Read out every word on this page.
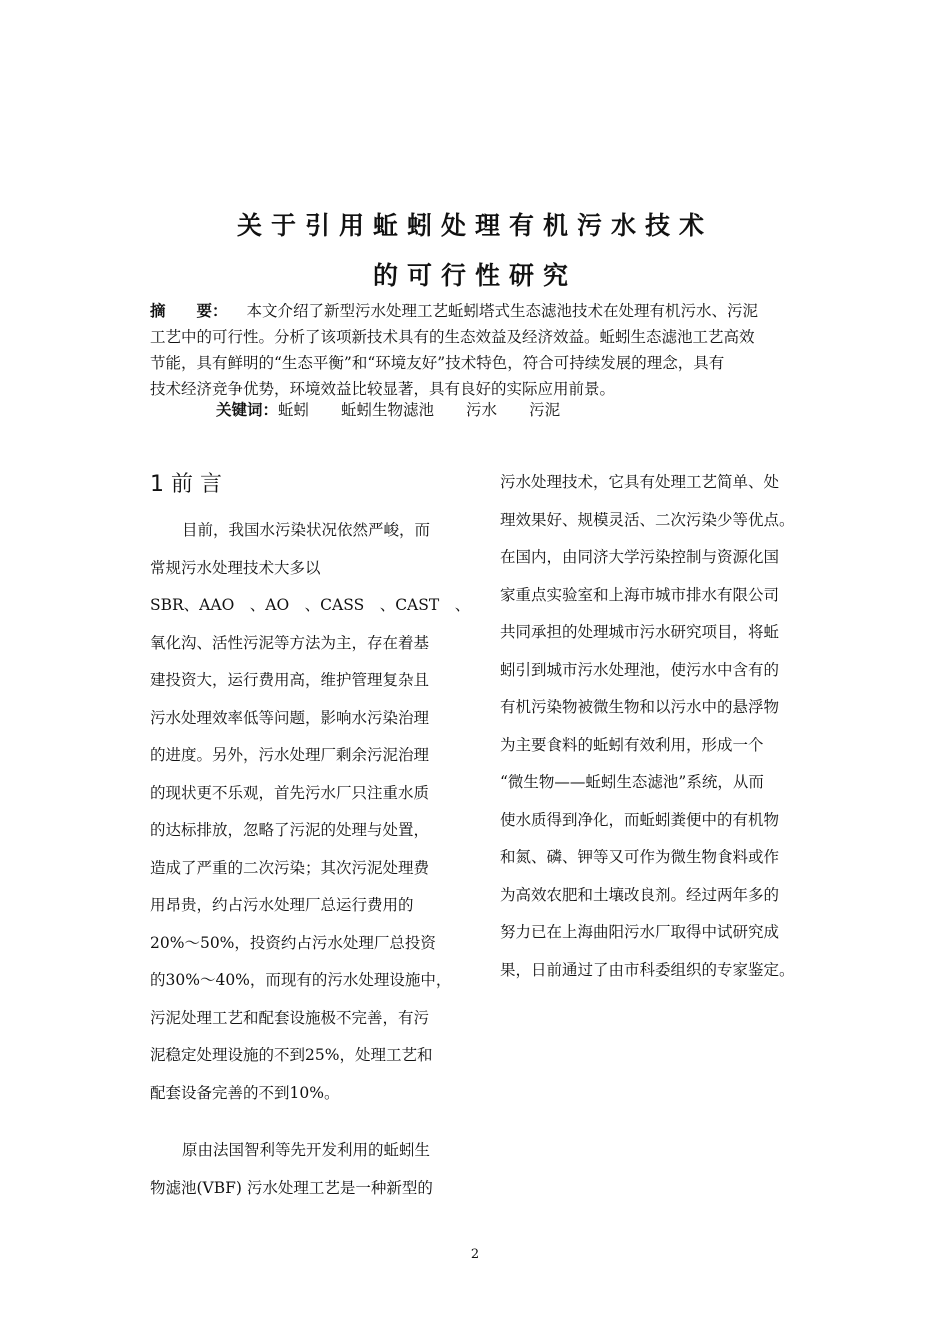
关于引用蚯蚓处理有机污水技术
的可行性研究
摘　　要： 本文介绍了新型污水处理工艺蚯蚓塔式生态滤池技术在处理有机污水、污泥
工艺中的可行性。分析了该项新技术具有的生态效益及经济效益。蚯蚓生态滤池工艺高效
节能，具有鲜明的“生态平衡”和“环境友好”技术特色，符合可持续发展的理念，具有
技术经济竞争优势，环境效益比较显著，具有良好的实际应用前景。
关键词：蚯蚓 蚯蚓生物滤池 污水 污泥
1 前 言
目前，我国水污染状况依然严峻，而
常规污水处理技术大多以
SBR、AAO　、AO　、CASS　、CAST　、
氧化沟、活性污泥等方法为主，存在着基
建投资大，运行费用高，维护管理复杂且
污水处理效率低等问题，影响水污染治理
的进度。另外，污水处理厂剩余污泥治理
的现状更不乐观，首先污水厂只注重水质
的达标排放，忽略了污泥的处理与处置，
造成了严重的二次污染；其次污泥处理费
用昂贵，约占污水处理厂总运行费用的
20%～50%，投资约占污水处理厂总投资
的30%～40%，而现有的污水处理设施中，
污泥处理工艺和配套设施极不完善，有污
泥稳定处理设施的不到25%，处理工艺和
配套设备完善的不到10%。
原由法国智利等先开发利用的蚯蚓生
物滤池(VBF) 污水处理工艺是一种新型的
污水处理技术，它具有处理工艺简单、处
理效果好、规模灵活、二次污染少等优点。
在国内，由同济大学污染控制与资源化国
家重点实验室和上海市城市排水有限公司
共同承担的处理城市污水研究项目，将蚯
蚓引到城市污水处理池，使污水中含有的
有机污染物被微生物和以污水中的悬浮物
为主要食料的蚯蚓有效利用，形成一个
“微生物——蚯蚓生态滤池”系统，从而
使水质得到净化，而蚯蚓粪便中的有机物
和氮、磷、钾等又可作为微生物食料或作
为高效农肥和土壤改良剂。经过两年多的
努力已在上海曲阳污水厂取得中试研究成
果，日前通过了由市科委组织的专家鉴定。
2
